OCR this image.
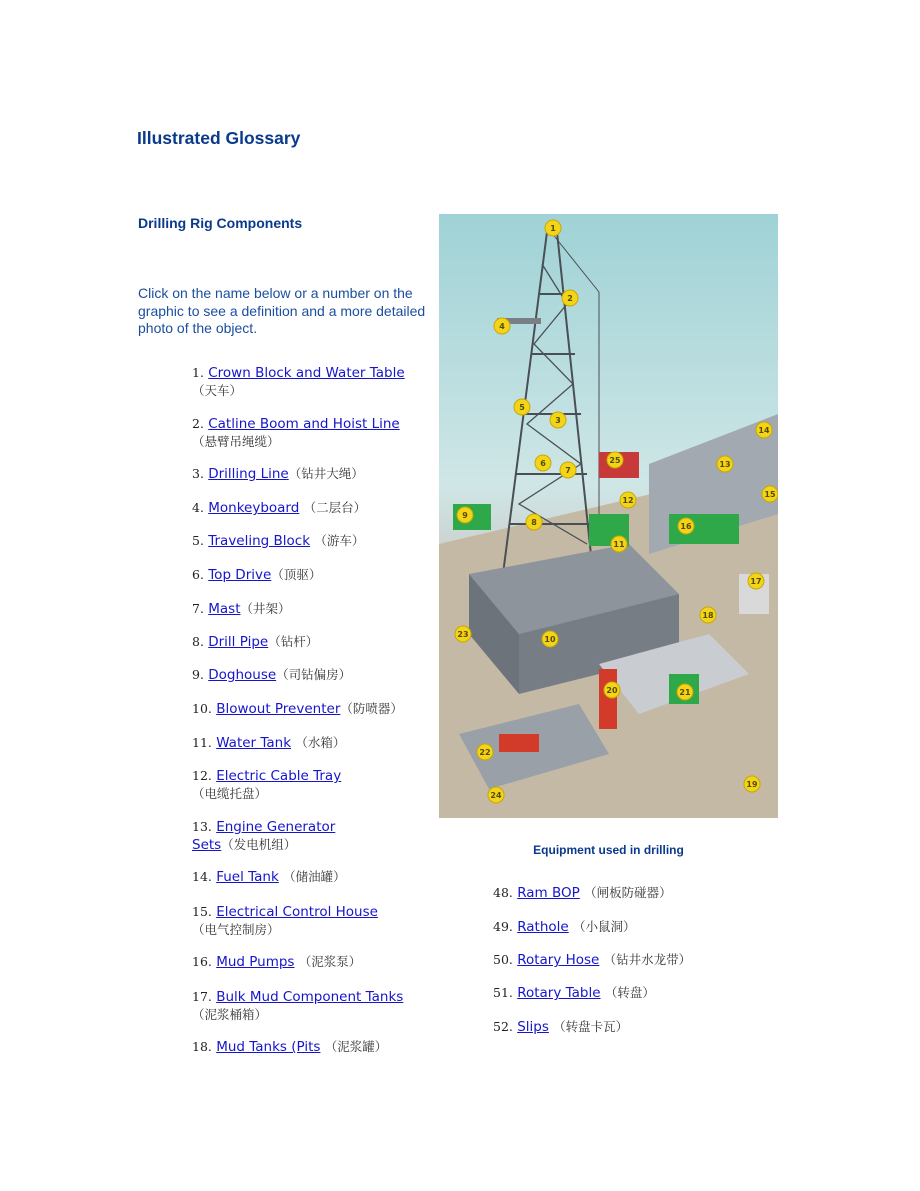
Illustrated Glossary
Drilling Rig Components

Click on the name below or a number on the graphic to see a definition and a more detailed photo of the object.

1. Crown Block and Water Table
（天车）
2. Catline Boom and Hoist Line（悬臂吊绳缆）
3. Drilling Line（钻井大绳）
4. Monkeyboard （二层台）
5. Traveling Block （游车）
6. Top Drive（顶驱）
7. Mast（井架）
8. Drill Pipe（钻杆）
9. Doghouse（司钻偏房）
10. Blowout Preventer（防喷器）
11. Water Tank （水箱）
12. Electric Cable Tray
（电缆托盘）
13. Engine Generator Sets（发电机组）
14. Fuel Tank （储油罐）
15. Electrical Control House
（电气控制房）
16. Mud Pumps （泥浆泵）
17. Bulk Mud Component Tanks
（泥浆桶箱）
18. Mud Tanks (Pits （泥浆罐）
1
2
3
4
5
6
7
8
9
10
11
12
13
14
15
16
17
18
19
20	21
22
23
24
25

Equipment used in drilling

48. Ram BOP （闸板防碰器）
49. Rathole （小鼠洞）
50. Rotary Hose （钻井水龙带）
51. Rotary Table （转盘）
52. Slips （转盘卡瓦）
